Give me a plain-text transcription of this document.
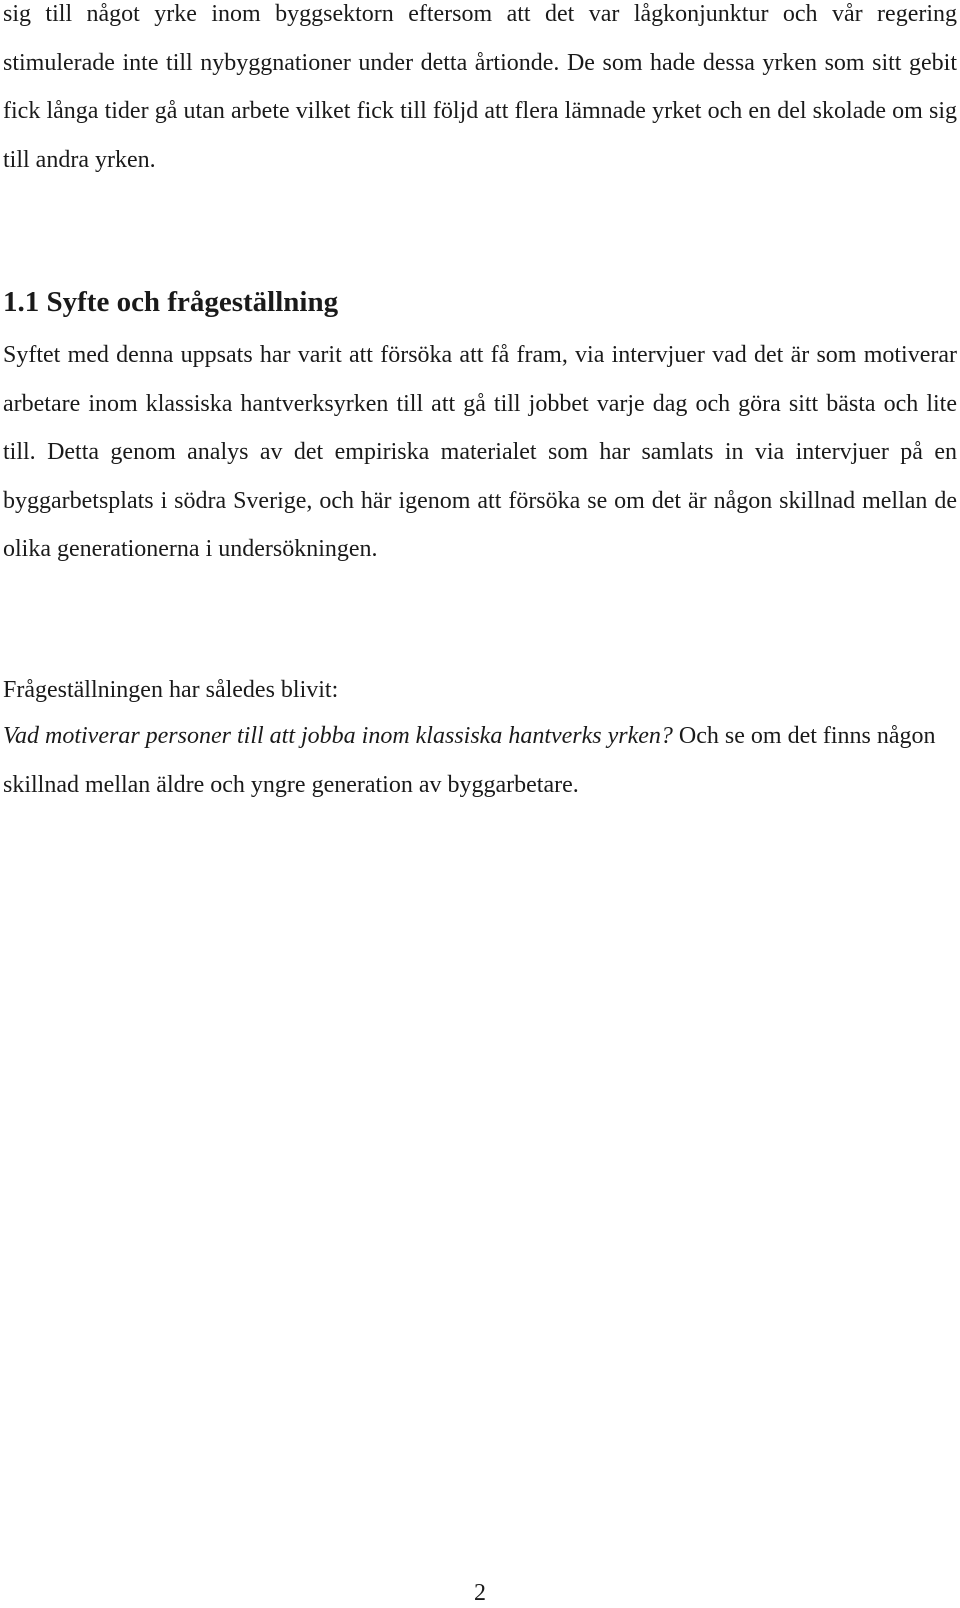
sig till något yrke inom byggsektorn eftersom att det var lågkonjunktur och vår regering stimulerade inte till nybyggnationer under detta årtionde. De som hade dessa yrken som sitt gebit fick långa tider gå utan arbete vilket fick till följd att flera lämnade yrket och en del skolade om sig till andra yrken.

1.1 Syfte och frågeställning

Syftet med denna uppsats har varit att försöka att få fram, via intervjuer vad det är som motiverar arbetare inom klassiska hantverksyrken till att gå till jobbet varje dag och göra sitt bästa och lite till. Detta genom analys av det empiriska materialet som har samlats in via intervjuer på en byggarbetsplats i södra Sverige, och här igenom att försöka se om det är någon skillnad mellan de olika generationerna i undersökningen.

Frågeställningen har således blivit:

Vad motiverar personer till att jobba inom klassiska hantverks yrken? Och se om det finns någon skillnad mellan äldre och yngre generation av byggarbetare.

2
